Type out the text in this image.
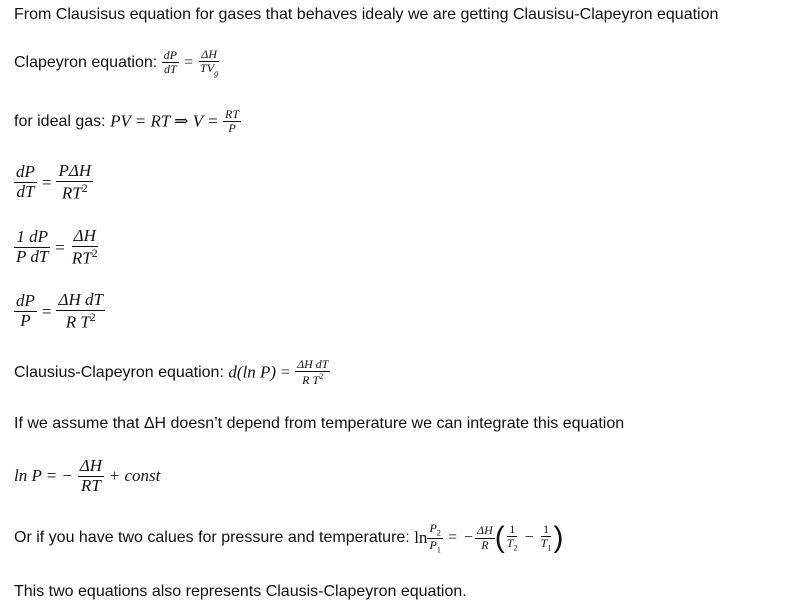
From Clausisus equation for gases that behaves idealy we are getting Clausisu-Clapeyron equation
Clapeyron equation: $\frac{dP}{dT} = \frac{\Delta H}{TV_g}$
for ideal gas: PV = RT ⇒ $V = \frac{RT}{P}$
$\frac{dP}{dT} = \frac{\text{PΔH}}{RT^2}$
$\frac{1 dP}{\text{P dT}} = \frac{\Delta H}{RT^2}$
$\frac{dP}{P} = \frac{\text{ΔH dT}}{R T^2}$
Clausius-Clapeyron equation: d(ln $P) = \frac{\text{ΔH dT}}{R T^2}$
If we assume that ΔH doesn’t depend from temperature we can integrate this equation
ln P = − $\frac{\Delta H}{RT}$ + const
Or if you have two calues for pressure and temperature: $\ln \frac{P_2}{P_1}$ = − $\frac{\Delta H}{R}$ ( $\frac{1}{T_2} - \frac{1}{T_1}$ )
This two equations also represents Clausis-Clapeyron equation.
